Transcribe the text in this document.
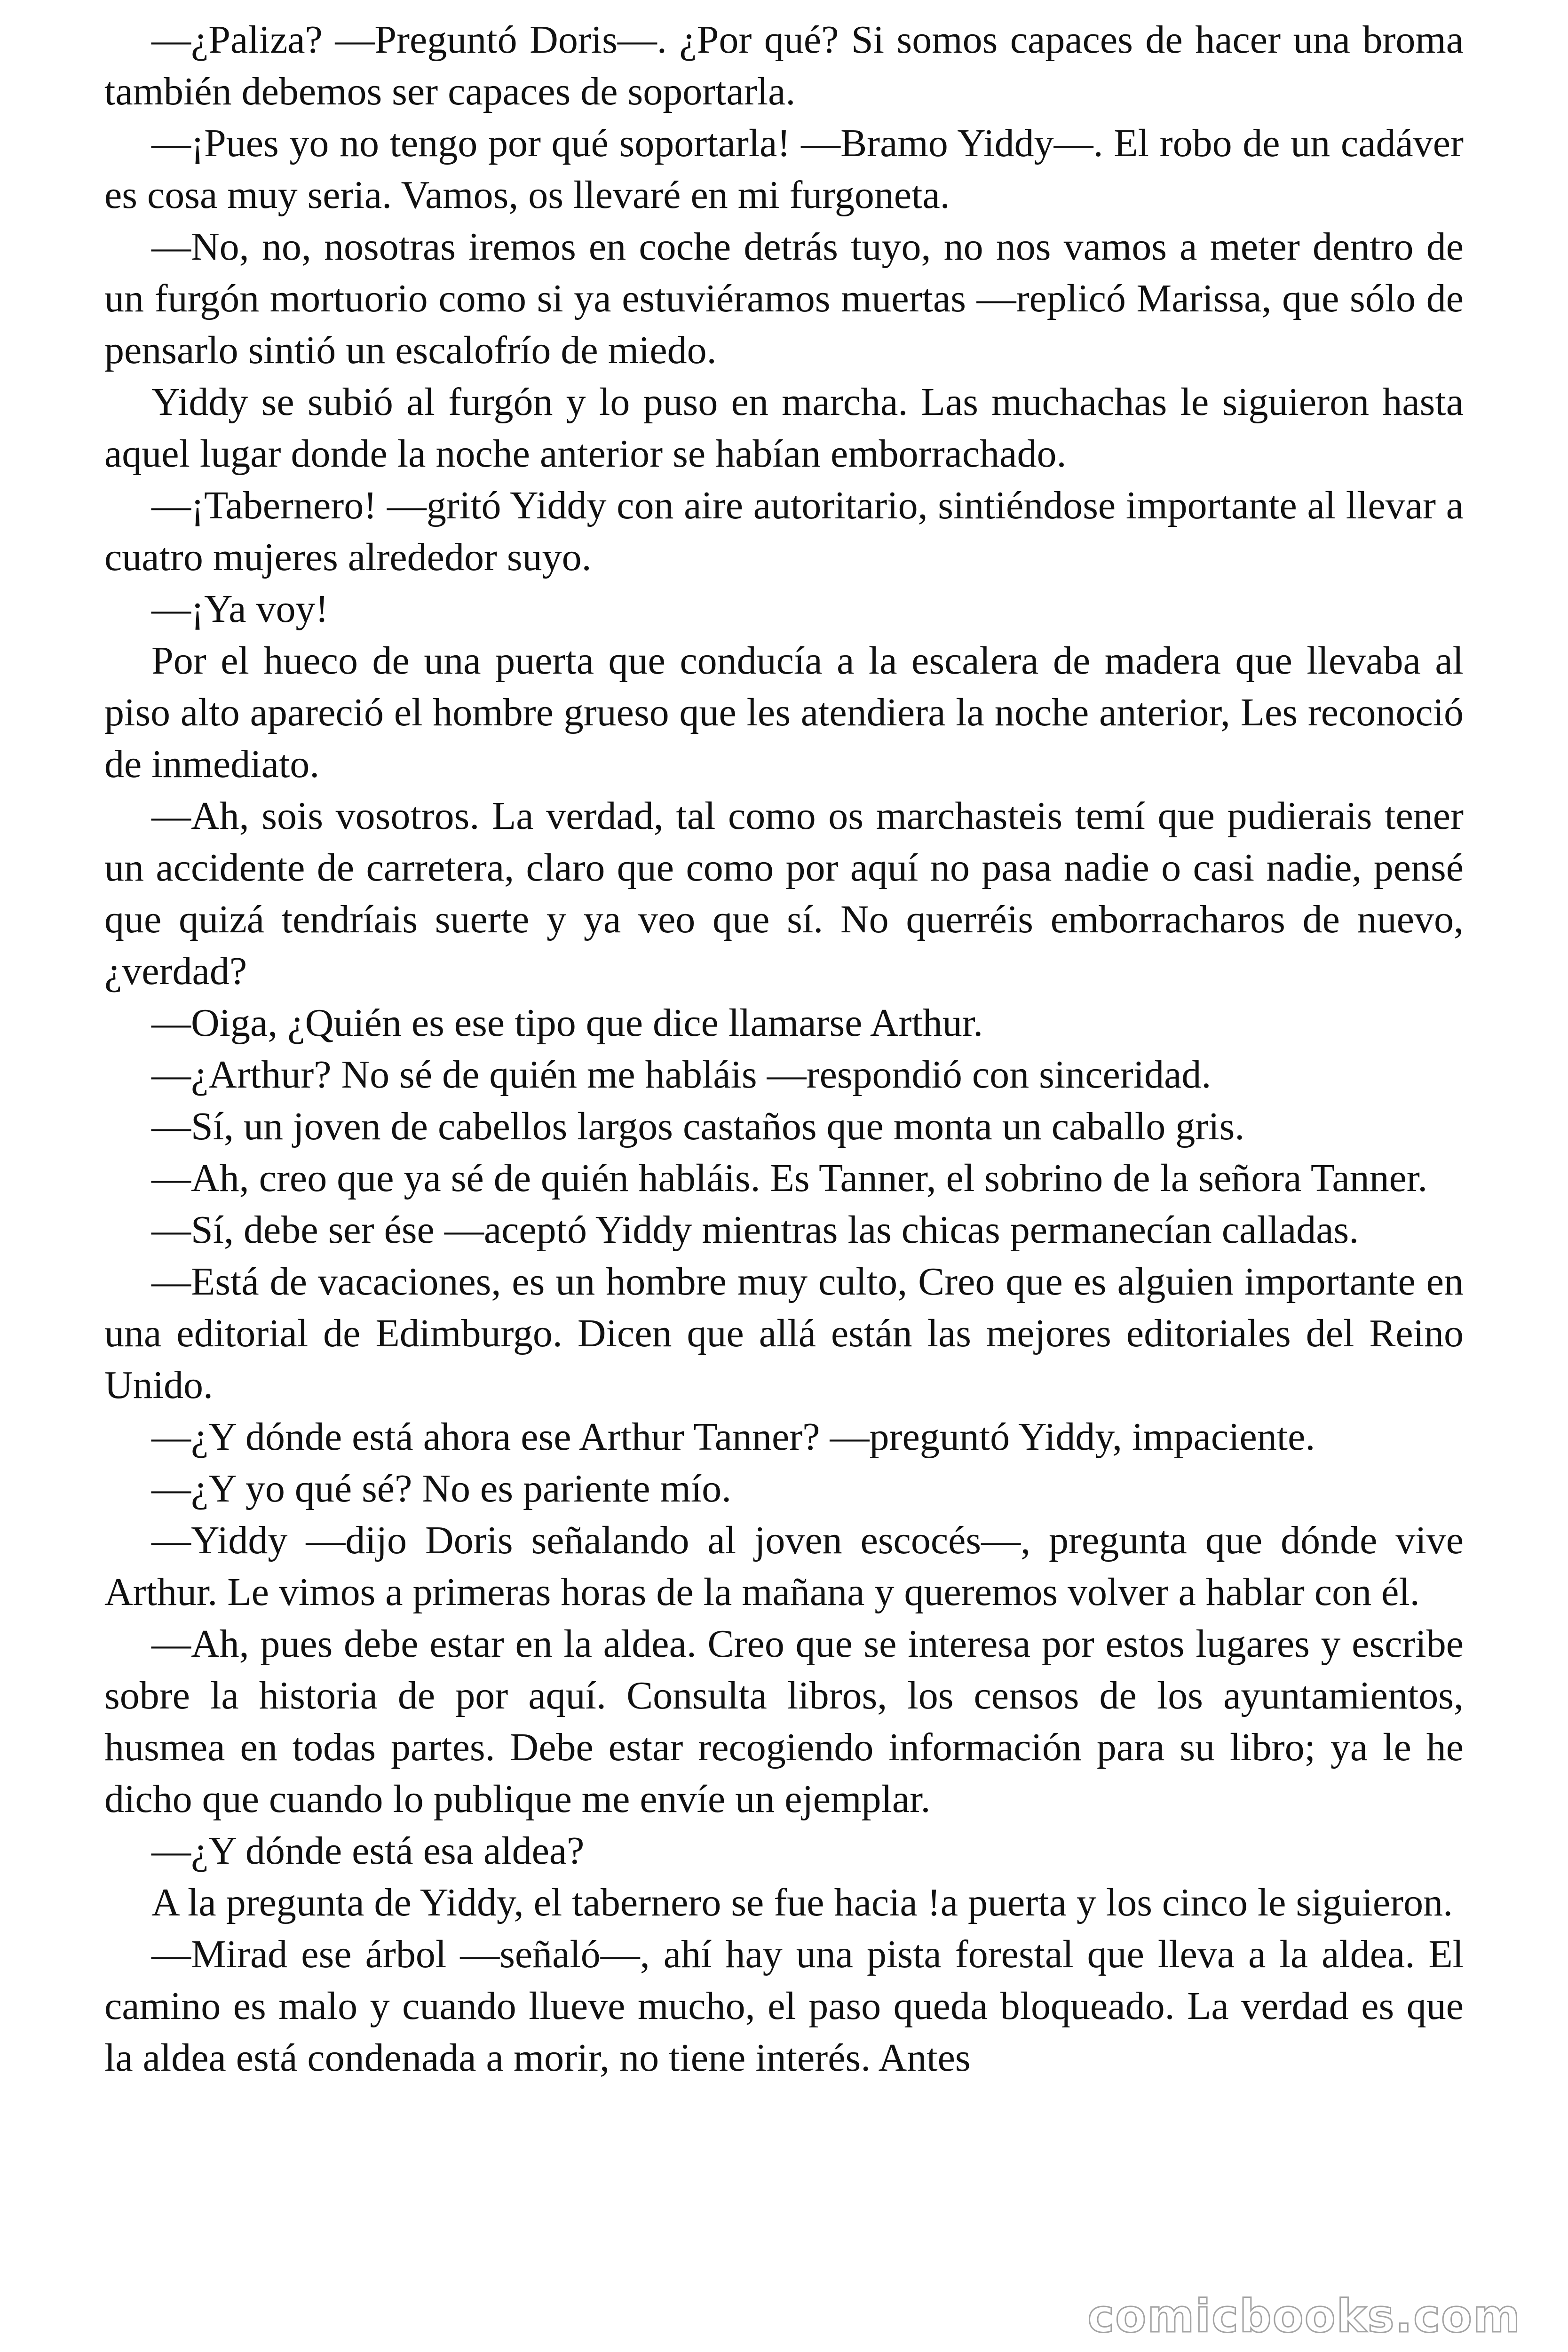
—¿Paliza? —Preguntó Doris—. ¿Por qué? Si somos capaces de hacer una broma también debemos ser capaces de soportarla.

—¡Pues yo no tengo por qué soportarla! —Bramo Yiddy—. El robo de un cadáver es cosa muy seria. Vamos, os llevaré en mi furgoneta.

—No, no, nosotras iremos en coche detrás tuyo, no nos vamos a meter dentro de un furgón mortuorio como si ya estuviéramos muertas —replicó Marissa, que sólo de pensarlo sintió un escalofrío de miedo.

Yiddy se subió al furgón y lo puso en marcha. Las muchachas le siguieron hasta aquel lugar donde la noche anterior se habían emborrachado.

—¡Tabernero! —gritó Yiddy con aire autoritario, sintiéndose importante al llevar a cuatro mujeres alrededor suyo.

—¡Ya voy!

Por el hueco de una puerta que conducía a la escalera de madera que llevaba al piso alto apareció el hombre grueso que les atendiera la noche anterior, Les reconoció de inmediato.

—Ah, sois vosotros. La verdad, tal como os marchasteis temí que pudierais tener un accidente de carretera, claro que como por aquí no pasa nadie o casi nadie, pensé que quizá tendríais suerte y ya veo que sí. No querréis emborracharos de nuevo, ¿verdad?

—Oiga, ¿Quién es ese tipo que dice llamarse Arthur.

—¿Arthur? No sé de quién me habláis —respondió con sinceridad.

—Sí, un joven de cabellos largos castaños que monta un caballo gris.

—Ah, creo que ya sé de quién habláis. Es Tanner, el sobrino de la señora Tanner.

—Sí, debe ser ése —aceptó Yiddy mientras las chicas permanecían calladas.

—Está de vacaciones, es un hombre muy culto, Creo que es alguien importante en una editorial de Edimburgo. Dicen que allá están las mejores editoriales del Reino Unido.

—¿Y dónde está ahora ese Arthur Tanner? —preguntó Yiddy, impaciente.

—¿Y yo qué sé? No es pariente mío.

—Yiddy —dijo Doris señalando al joven escocés—, pregunta que dónde vive Arthur. Le vimos a primeras horas de la mañana y queremos volver a hablar con él.

—Ah, pues debe estar en la aldea. Creo que se interesa por estos lugares y escribe sobre la historia de por aquí. Consulta libros, los censos de los ayuntamientos, husmea en todas partes. Debe estar recogiendo información para su libro; ya le he dicho que cuando lo publique me envíe un ejemplar.

—¿Y dónde está esa aldea?

A la pregunta de Yiddy, el tabernero se fue hacia !a puerta y los cinco le siguieron.

—Mirad ese árbol —señaló—, ahí hay una pista forestal que lleva a la aldea. El camino es malo y cuando llueve mucho, el paso queda bloqueado. La verdad es que la aldea está condenada a morir, no tiene interés. Antes

comicbooks.com
